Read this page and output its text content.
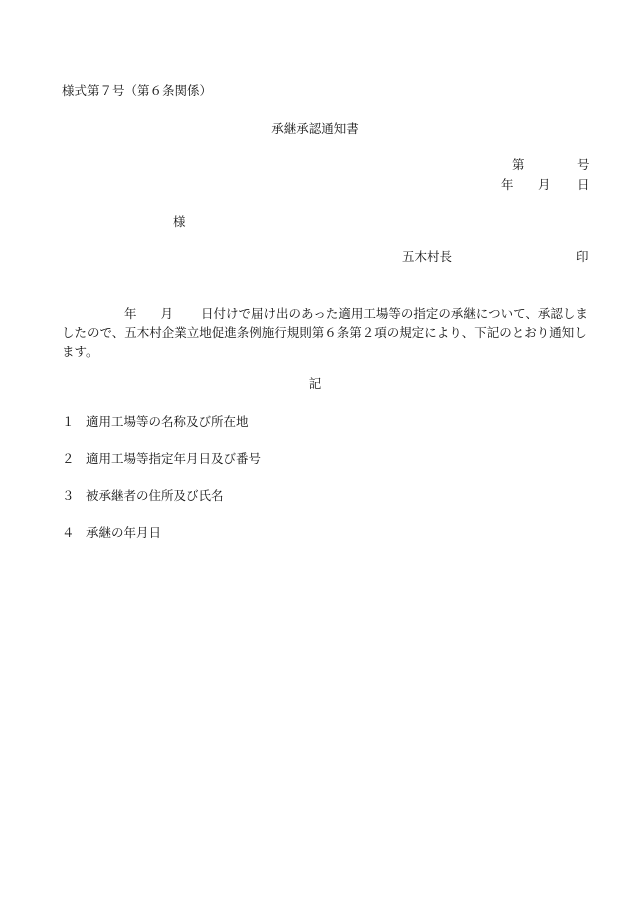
様式第７号（第６条関係）
承継承認通知書
第	号
年 月 日
様
五木村長	印
年 月 日付けで届け出のあった適用工場等の指定の承継について、承認しま
したので、五木村企業立地促進条例施行規則第６条第２項の規定により、下記のとおり通知し
ます。
記
１ 適用工場等の名称及び所在地
２ 適用工場等指定年月日及び番号
３ 被承継者の住所及び氏名
４ 承継の年月日
